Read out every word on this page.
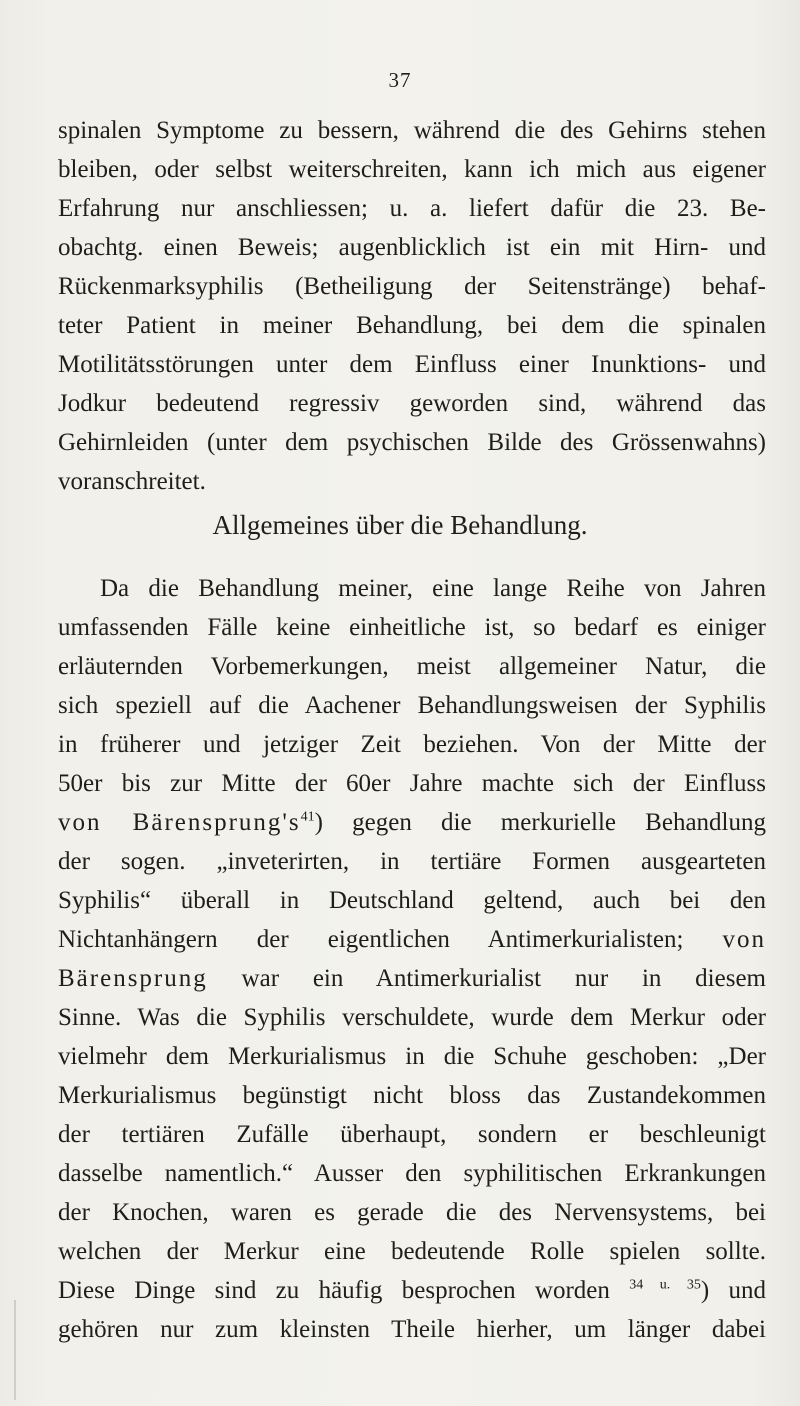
37
spinalen Symptome zu bessern, während die des Gehirns stehen
bleiben, oder selbst weiterschreiten, kann ich mich aus eigener
Erfahrung nur anschliessen; u. a. liefert dafür die 23. Be-
obachtg. einen Beweis; augenblicklich ist ein mit Hirn- und
Rückenmarksyphilis (Betheiligung der Seitenstränge) behaf-
teter Patient in meiner Behandlung, bei dem die spinalen
Motilitätsstörungen unter dem Einfluss einer Inunktions- und
Jodkur bedeutend regressiv geworden sind, während das
Gehirnleiden (unter dem psychischen Bilde des Grössenwahns)
voranschreitet.
Allgemeines über die Behandlung.
Da die Behandlung meiner, eine lange Reihe von Jahren
umfassenden Fälle keine einheitliche ist, so bedarf es einiger
erläuternden Vorbemerkungen, meist allgemeiner Natur, die
sich speziell auf die Aachener Behandlungsweisen der Syphilis
in früherer und jetziger Zeit beziehen. Von der Mitte der
50er bis zur Mitte der 60er Jahre machte sich der Einfluss
von $Bärensprung's^{41}$) gegen die merkurielle Behandlung
der sogen. „inveterirten, in tertiäre Formen ausgearteten
Syphilis“ überall in Deutschland geltend, auch bei den
Nichtanhängern der eigentlichen Antimerkurialisten; von
Bärensprung war ein Antimerkurialist nur in diesem
Sinne. Was die Syphilis verschuldete, wurde dem Merkur oder
vielmehr dem Merkurialismus in die Schuhe geschoben: „Der
Merkurialismus begünstigt nicht bloss das Zustandekommen
der tertiären Zufälle überhaupt, sondern er beschleunigt
dasselbe namentlich.“ Ausser den syphilitischen Erkrankungen
der Knochen, waren es gerade die des Nervensystems, bei
welchen der Merkur eine bedeutende Rolle spielen sollte.
Diese Dinge sind zu häufig besprochen worden $^{34 u. 35}$) und
gehören nur zum kleinsten Theile hierher, um länger dabei
